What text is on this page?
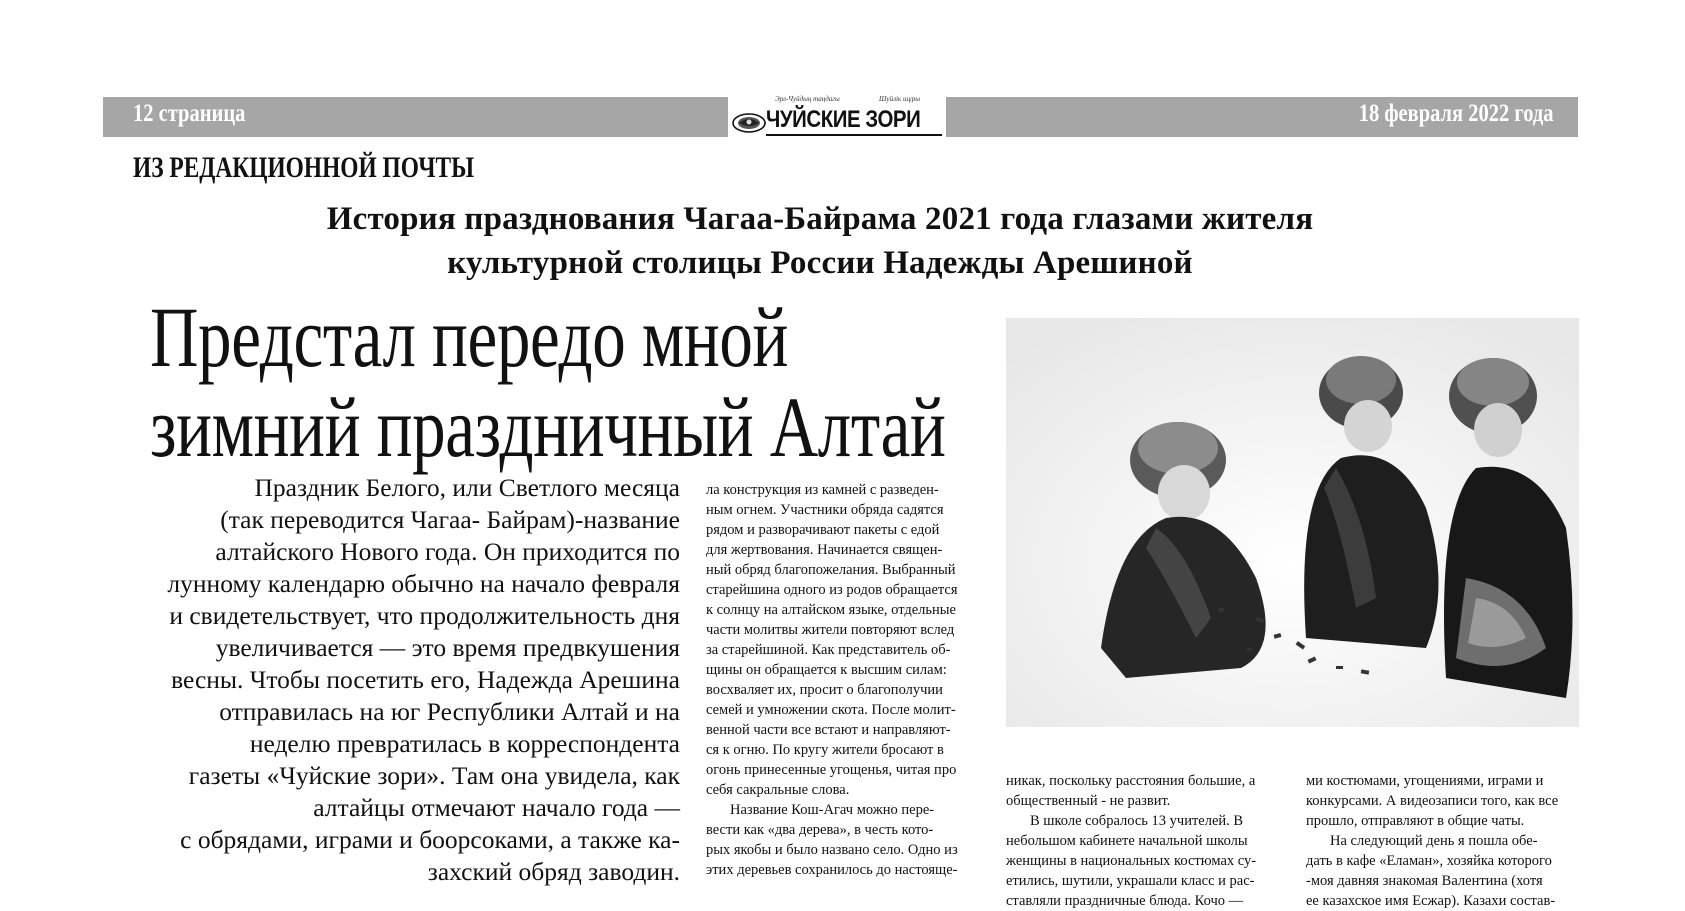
12 страница	18 февраля 2022 года
Эрл-Чуйдың таңдагы	Шуйлік шұры
ЧУЙСКИЕ ЗОРИ
ИЗ РЕДАКЦИОННОЙ ПОЧТЫ
История празднования Чагаа-Байрама 2021 года глазами жителя
культурной столицы России Надежды Арешиной
Предстал передо мной
зимний праздничный Алтай
Праздник Белого, или Светлого месяца
(так переводится Чагаа- Байрам)-название
алтайского Нового года. Он приходится по
лунному календарю обычно на начало февраля
и свидетельствует, что продолжительность дня
увеличивается — это время предвкушения
весны. Чтобы посетить его, Надежда Арешина
отправилась на юг Республики Алтай и на
неделю превратилась в корреспондента
газеты «Чуйские зори». Там она увидела, как
алтайцы отмечают начало года —
с обрядами, играми и боорсоками, а также ка-
захский обряд заводин.
ла конструкция из камней с разведен-
ным огнем. Участники обряда садятся
рядом и разворачивают пакеты с едой
для жертвования. Начинается священ-
ный обряд благопожелания. Выбранный
старейшина одного из родов обращается
к солнцу на алтайском языке, отдельные
части молитвы жители повторяют вслед
за старейшиной. Как представитель об-
щины он обращается к высшим силам:
восхваляет их, просит о благополучии
семей и умножении скота. После молит-
венной части все встают и направляют-
ся к огню. По кругу жители бросают в
огонь принесенные угощенья, читая про
себя сакральные слова.
Название Кош-Агач можно пере-
вести как «два дерева», в честь кото-
рых якобы и было названо село. Одно из
этих деревьев сохранилось до настояще-
никак, поскольку расстояния большие, а
общественный - не развит.
В школе собралось 13 учителей. В
небольшом кабинете начальной школы
женщины в национальных костюмах су-
етились, шутили, украшали класс и рас-
ставляли праздничные блюда. Кочо —
ми костюмами, угощениями, играми и
конкурсами. А видеозаписи того, как все
прошло, отправляют в общие чаты.
На следующий день я пошла обе-
дать в кафе «Еламан», хозяйка которого
-моя давняя знакомая Валентина (хотя
ее казахское имя Есжар). Казахи состав-
